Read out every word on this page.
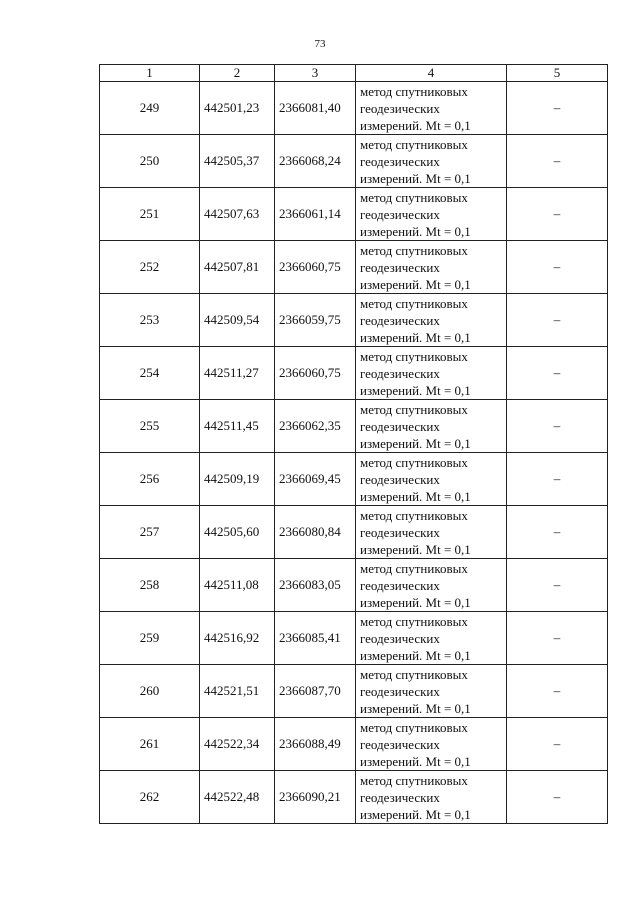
73
1	2	3	4	5
249	442501,23	2366081,40	метод спутниковых
геодезических
измерений. Mt = 0,1	–
250	442505,37	2366068,24	метод спутниковых
геодезических
измерений. Mt = 0,1	–
251	442507,63	2366061,14	метод спутниковых
геодезических
измерений. Mt = 0,1	–
252	442507,81	2366060,75	метод спутниковых
геодезических
измерений. Mt = 0,1	–
253	442509,54	2366059,75	метод спутниковых
геодезических
измерений. Mt = 0,1	–
254	442511,27	2366060,75	метод спутниковых
геодезических
измерений. Mt = 0,1	–
255	442511,45	2366062,35	метод спутниковых
геодезических
измерений. Mt = 0,1	–
256	442509,19	2366069,45	метод спутниковых
геодезических
измерений. Mt = 0,1	–
257	442505,60	2366080,84	метод спутниковых
геодезических
измерений. Mt = 0,1	–
258	442511,08	2366083,05	метод спутниковых
геодезических
измерений. Mt = 0,1	–
259	442516,92	2366085,41	метод спутниковых
геодезических
измерений. Mt = 0,1	–
260	442521,51	2366087,70	метод спутниковых
геодезических
измерений. Mt = 0,1	–
261	442522,34	2366088,49	метод спутниковых
геодезических
измерений. Mt = 0,1	–
262	442522,48	2366090,21	метод спутниковых
геодезических
измерений. Mt = 0,1	–
